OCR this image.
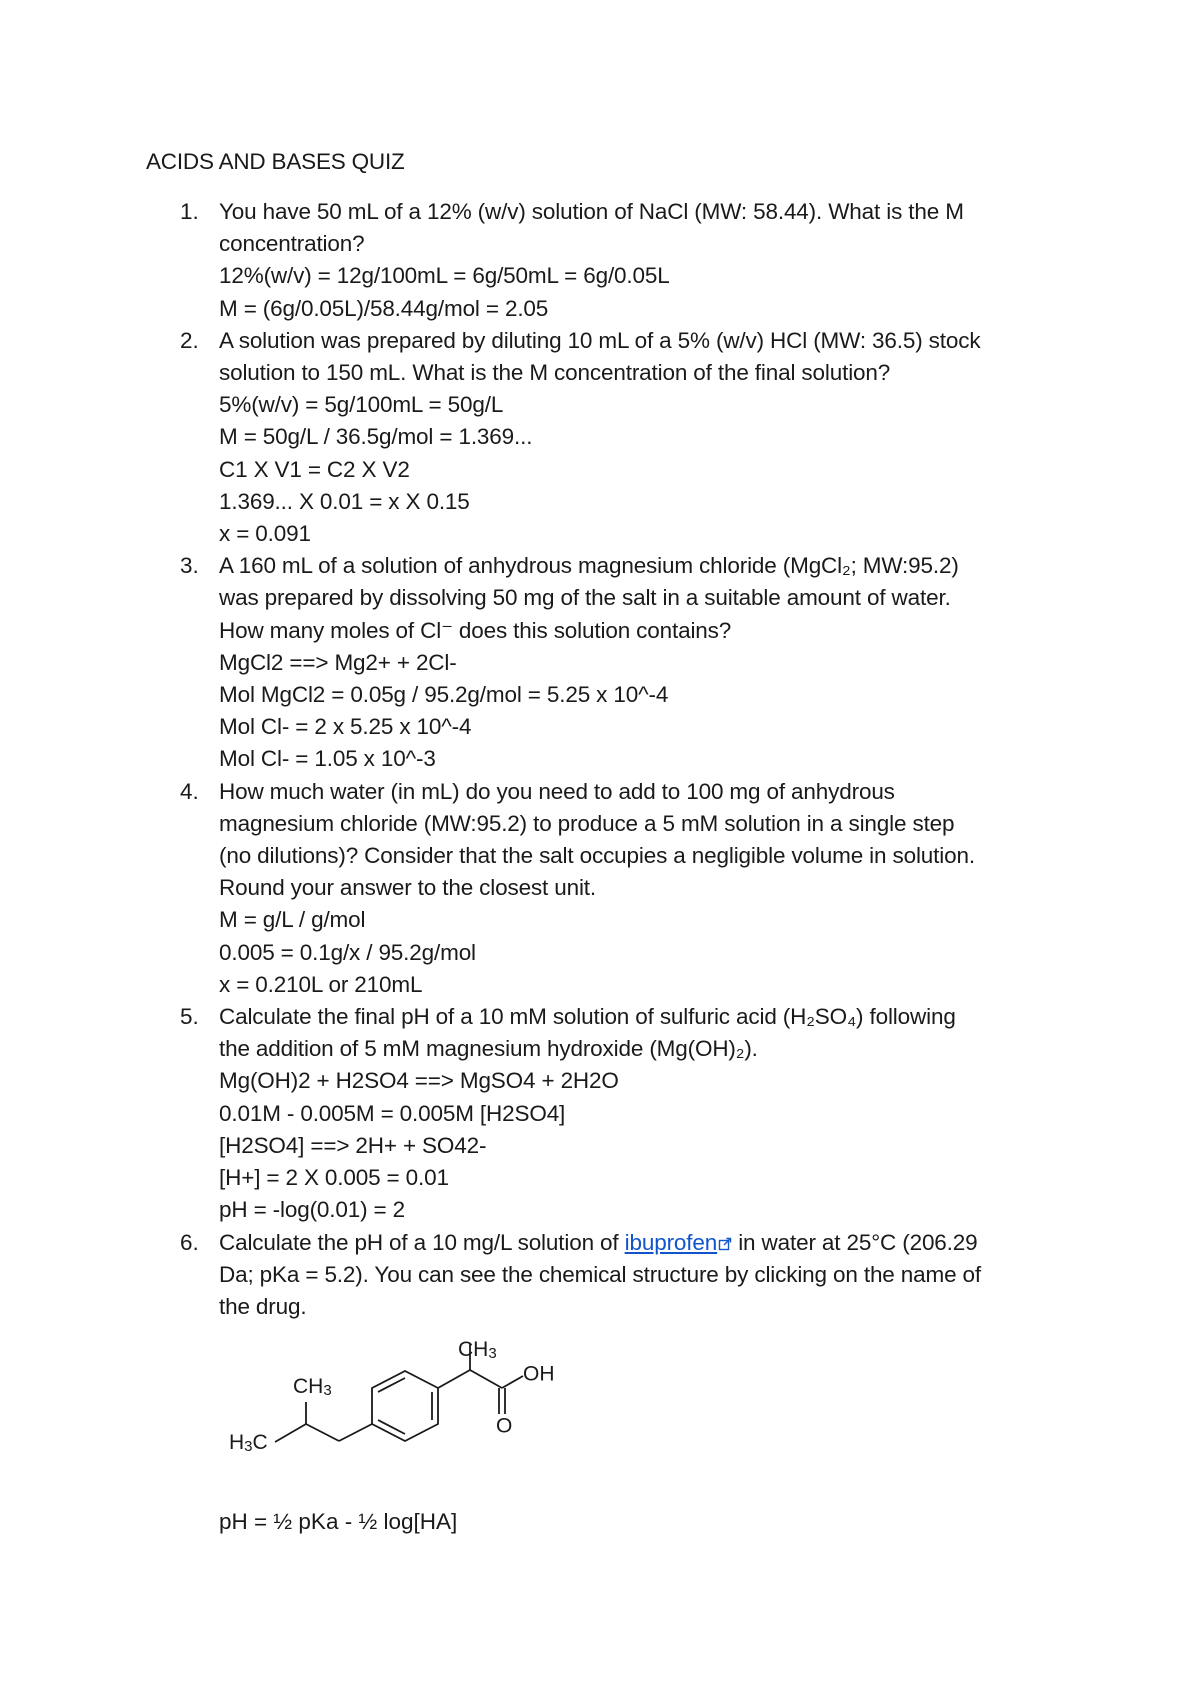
ACIDS AND BASES QUIZ
1. You have 50 mL of a 12% (w/v) solution of NaCl (MW: 58.44). What is the M
concentration?
12%(w/v) = 12g/100mL = 6g/50mL = 6g/0.05L
M = (6g/0.05L)/58.44g/mol = 2.05
2. A solution was prepared by diluting 10 mL of a 5% (w/v) HCl (MW: 36.5) stock
solution to 150 mL. What is the M concentration of the final solution?
5%(w/v) = 5g/100mL = 50g/L
M = 50g/L / 36.5g/mol = 1.369...
C1 X V1 = C2 X V2
1.369... X 0.01 = x X 0.15
x = 0.091
3. A 160 mL of a solution of anhydrous magnesium chloride (MgCl₂; MW:95.2)
was prepared by dissolving 50 mg of the salt in a suitable amount of water.
How many moles of Cl⁻ does this solution contains?
MgCl2 ==> Mg2+ + 2Cl-
Mol MgCl2 = 0.05g / 95.2g/mol = 5.25 x 10^-4
Mol Cl- = 2 x 5.25 x 10^-4
Mol Cl- = 1.05 x 10^-3
4. How much water (in mL) do you need to add to 100 mg of anhydrous
magnesium chloride (MW:95.2) to produce a 5 mM solution in a single step
(no dilutions)? Consider that the salt occupies a negligible volume in solution.
Round your answer to the closest unit.
M = g/L / g/mol
0.005 = 0.1g/x / 95.2g/mol
x = 0.210L or 210mL
5. Calculate the final pH of a 10 mM solution of sulfuric acid (H₂SO₄) following
the addition of 5 mM magnesium hydroxide (Mg(OH)₂).
Mg(OH)2 + H2SO4 ==> MgSO4 + 2H2O
0.01M - 0.005M = 0.005M [H2SO4]
[H2SO4] ==> 2H+ + SO42-
[H+] = 2 X 0.005 = 0.01
pH = -log(0.01) = 2
6. Calculate the pH of a 10 mg/L solution of ibuprofen in water at 25°C (206.29
Da; pKa = 5.2). You can see the chemical structure by clicking on the name of
the drug.
$CH_3$
OH
O
$CH_3$
$H_3C$
pH = ½ pKa - ½ log[HA]
